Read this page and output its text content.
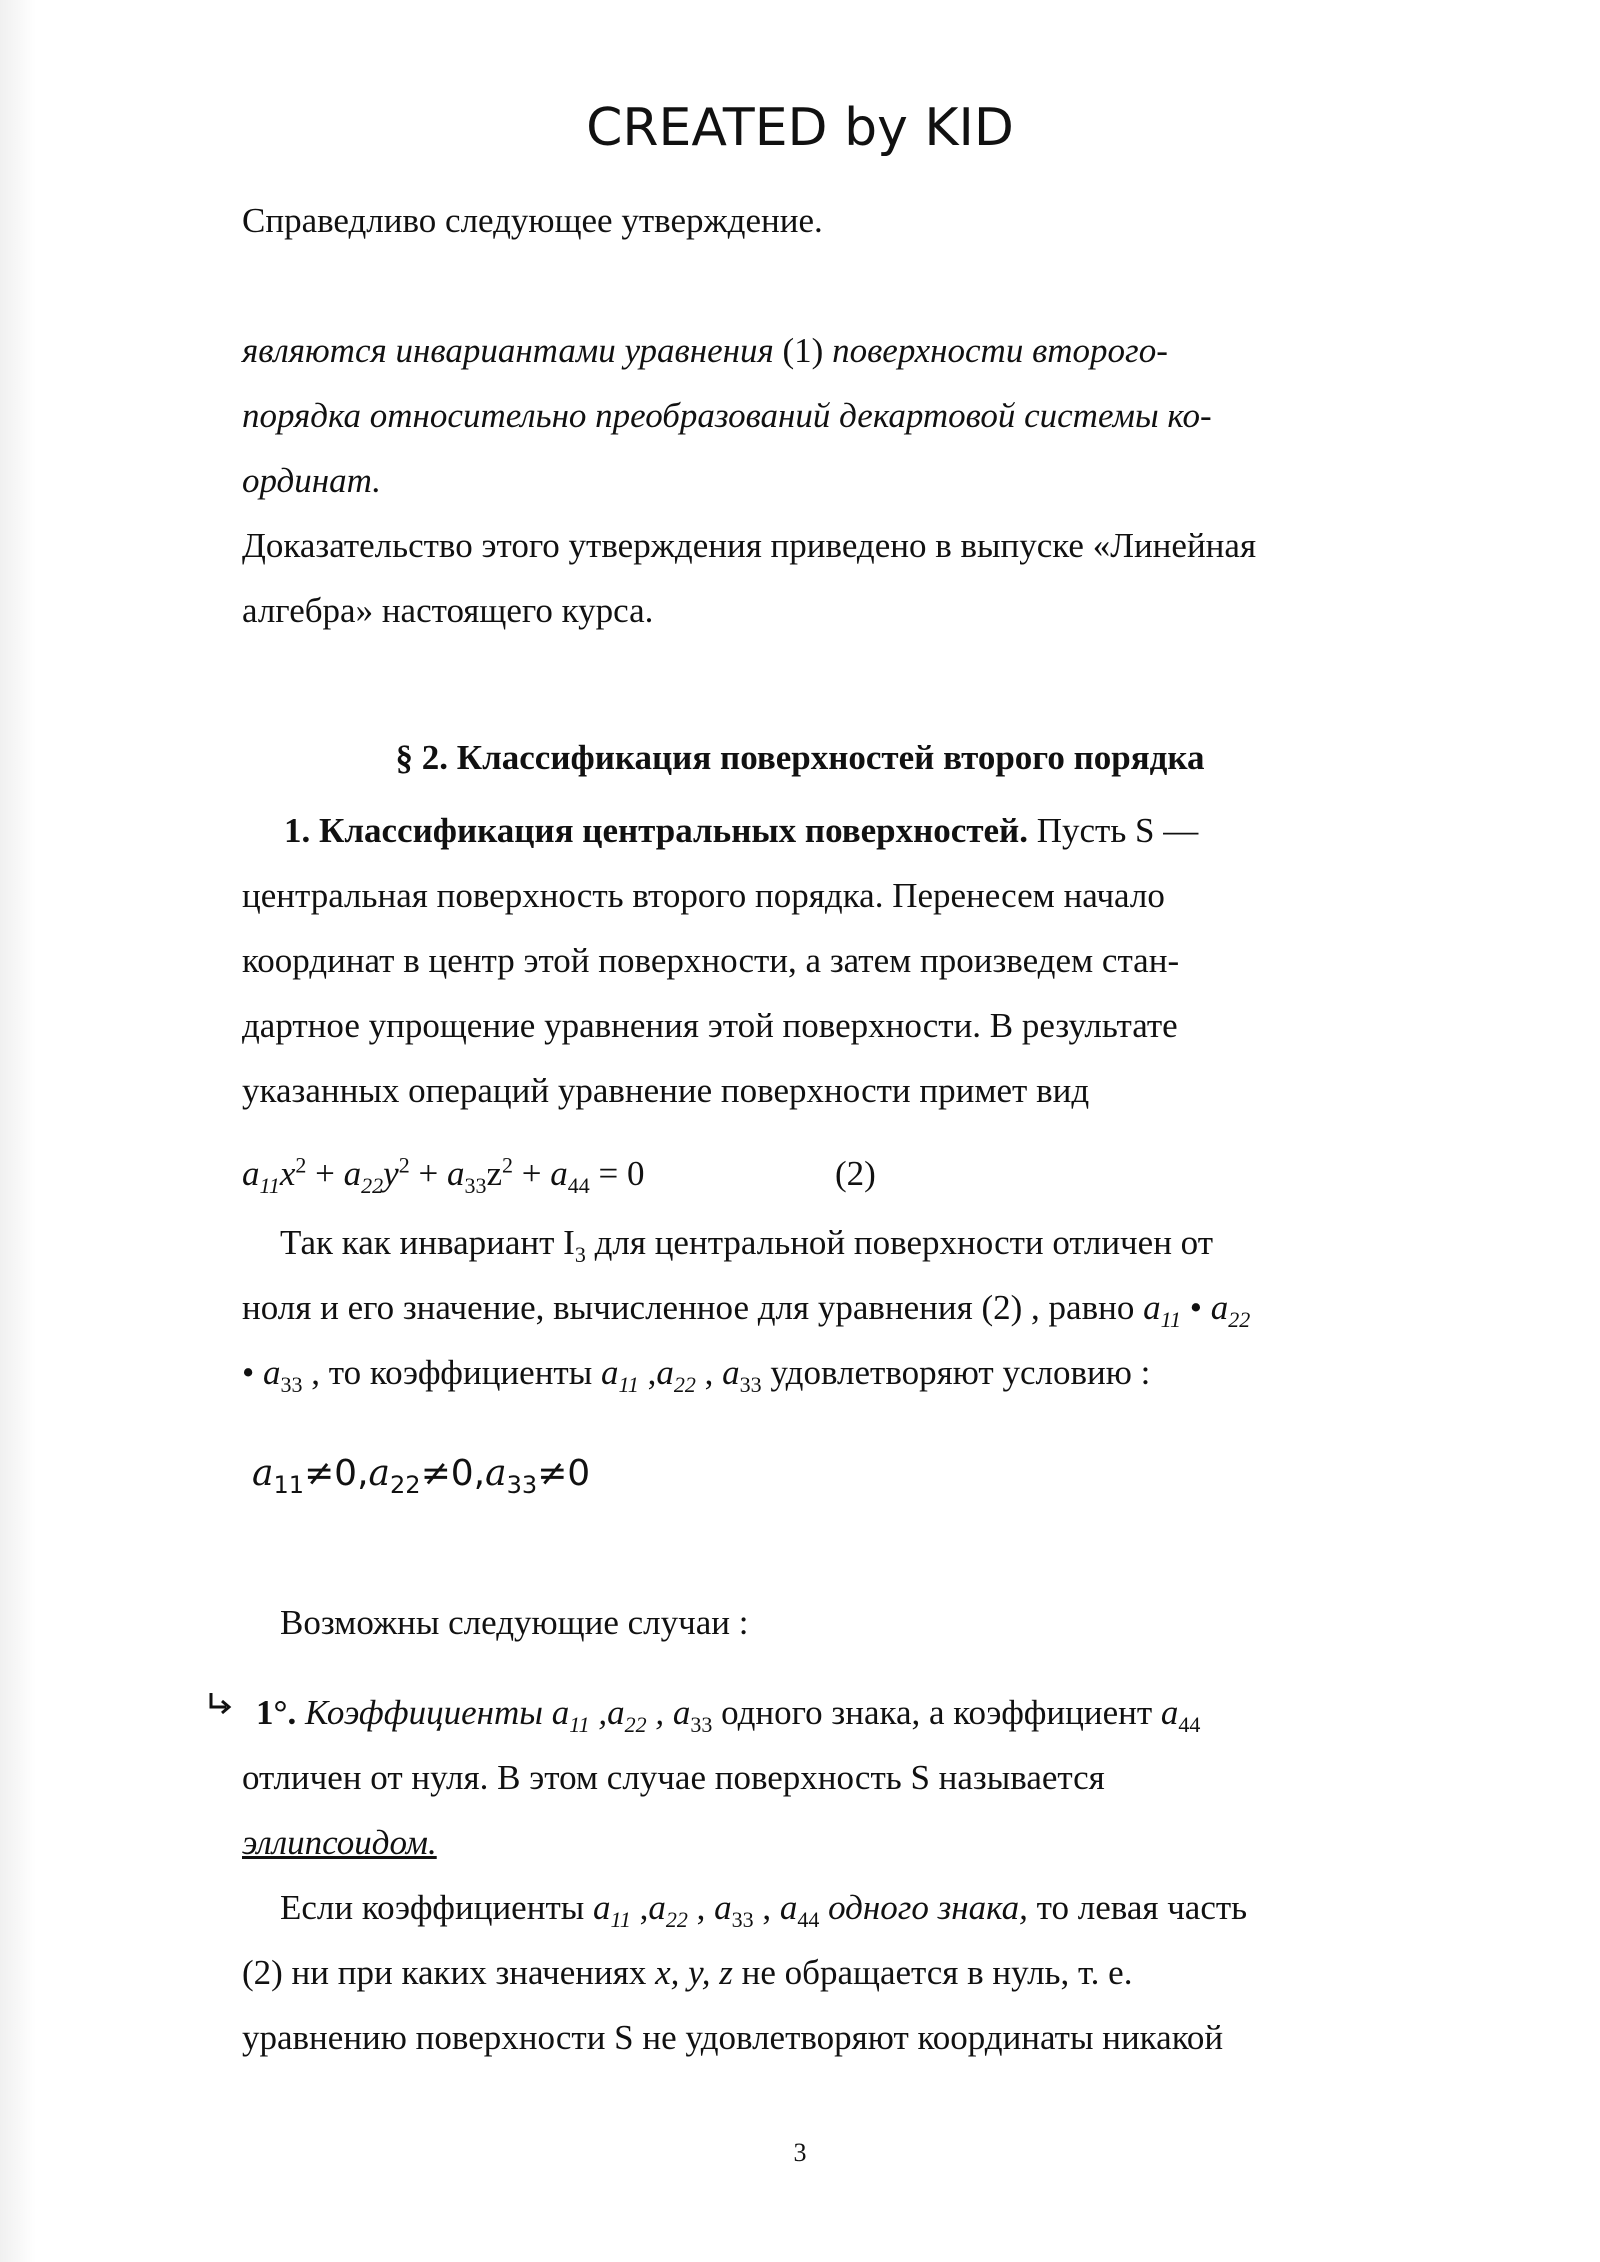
CREATED by KID

Справедливо следующее утверждение.

являются инвариантами уравнения (1) поверхности второго-
порядка относительно преобразований декартовой системы ко-
ординат.
Доказательство этого утверждения приведено в выпуске «Линейная
алгебра» настоящего курса.

§ 2. Классификация поверхностей второго порядка

1. Классификация центральных поверхностей. Пусть S —
центральная поверхность второго порядка. Перенесем начало
координат в центр этой поверхности, а затем произведем стан-
дартное упрощение уравнения этой поверхности. В результате
указанных операций уравнение поверхности примет вид
$a_{11}x^2 + a_{22}y^2 + a_{33}z^2 + a_{44} = 0$	(2)
Так как инвариант $I_3$ для центральной поверхности отличен от
ноля и его значение, вычисленное для уравнения (2) , равно $a_{11}$ • $a_{22}$
• $a_{33}$ , то коэффициенты $a_{11}$ $,a_{22}$ , $a_{33}$ удовлетворяют условию :
$a_{11}\ne 0,a_{22}\ne 0,a_{33}\ne 0$

Возможны следующие случаи :

1°. Коэффициенты $a_{11}$ $,a_{22}$ , $a_{33}$ одного знака, а коэффициент $a_{44}$
отличен от нуля. В этом случае поверхность S называется
эллипсоидом.
Если коэффициенты $a_{11}$ $,a_{22}$ , $a_{33}$ , $a_{44}$ одного знака, то левая часть
(2) ни при каких значениях x, y, z не обращается в нуль, т. е.
уравнению поверхности S не удовлетворяют координаты никакой
3
